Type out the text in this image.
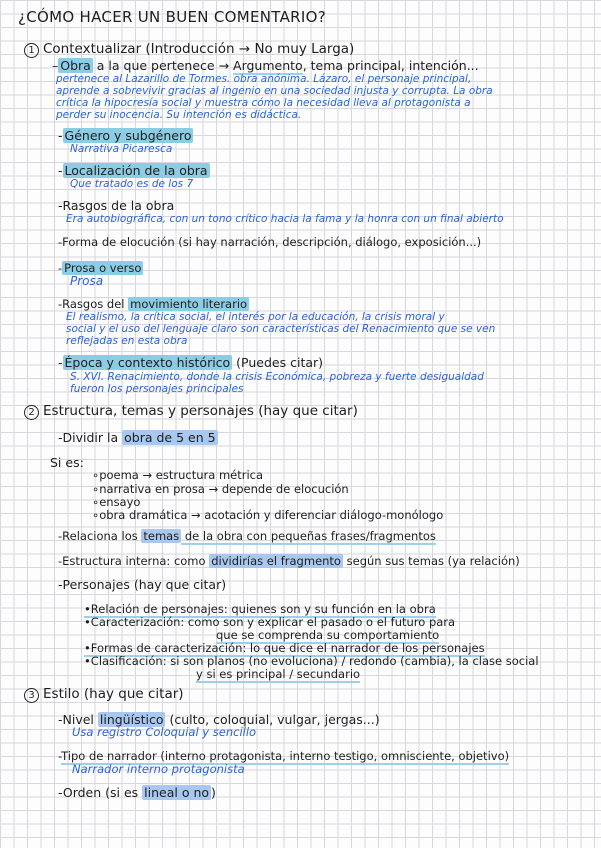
¿CÓMO HACER UN BUEN COMENTARIO?
1 Contextualizar (Introducción → No muy Larga)
– Obra a la que pertenece → Argumento, tema principal, intención...
pertenece al Lazarillo de Tormes. obra anónima. Lázaro, el personaje principal,
aprende a sobrevivir gracias al ingenio en una sociedad injusta y corrupta. La obra
crítica la hipocresía social y muestra cómo la necesidad lleva al protagonista a
perder su inocencia. Su intención es didáctica.
- Género y subgénero
Narrativa Picaresca
- Localización de la obra
Que tratado es de los 7
-Rasgos de la obra
Era autobiográfica, con un tono crítico hacia la fama y la honra con un final abierto
-Forma de elocución (si hay narración, descripción, diálogo, exposición...)
- Prosa o verso
Prosa
-Rasgos del movimiento literario
El realismo, la crítica social, el interés por la educación, la crisis moral y
social y el uso del lenguaje claro son características del Renacimiento que se ven
reflejadas en esta obra
- Época y contexto histórico (Puedes citar)
S. XVI. Renacimiento, donde la crisis Económica, pobreza y fuerte desigualdad
fueron los personajes principales
2 Estructura, temas y personajes (hay que citar)
-Dividir la obra de 5 en 5
Si es:
∘poema → estructura métrica
∘narrativa en prosa → depende de elocución
∘ensayo
∘obra dramática → acotación y diferenciar diálogo-monólogo
-Relaciona los temas de la obra con pequeñas frases/fragmentos
-Estructura interna: como dividirías el fragmento según sus temas (ya relación)
-Personajes (hay que citar)
•Relación de personajes: quienes son y su función en la obra
•Caracterización: como son y explicar el pasado o el futuro para
que se comprenda su comportamiento
•Formas de caracterización: lo que dice el narrador de los personajes
•Clasificación: si son planos (no evoluciona) / redondo (cambia), la clase social
y si es principal / secundario
3 Estilo (hay que citar)
-Nivel lingüístico (culto, coloquial, vulgar, jergas...)
Usa registro Coloquial y sencillo
-Tipo de narrador (interno protagonista, interno testigo, omnisciente, objetivo)
Narrador interno protagonista
-Orden (si es lineal o no )
